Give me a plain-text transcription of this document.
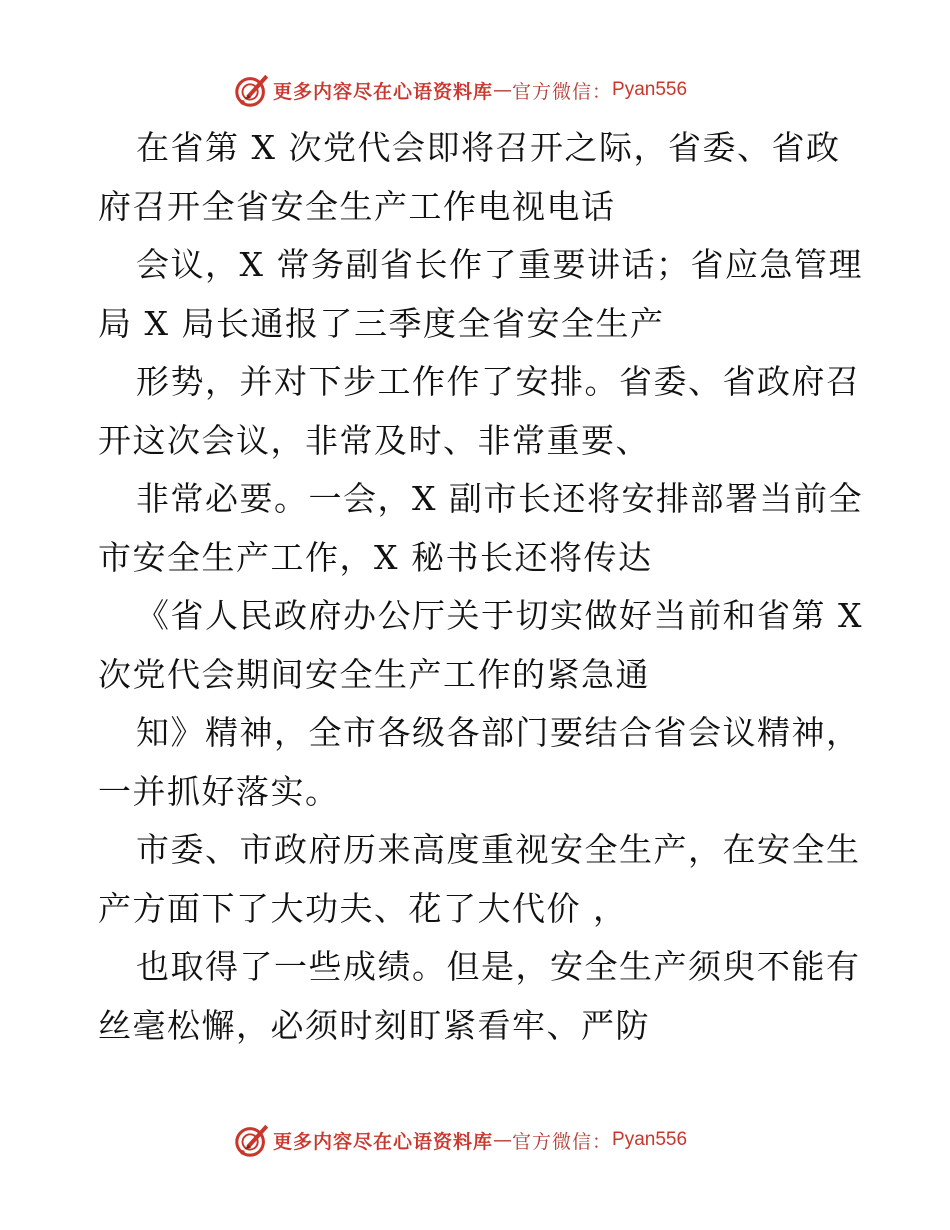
更多内容尽在心语资料库 — 官方微信： Pyan556
在省第 X 次党代会即将召开之际，省委、省政
府召开全省安全生产工作电视电话
会议，X 常务副省长作了重要讲话；省应急管理
局 X 局长通报了三季度全省安全生产
形势，并对下步工作作了安排。省委、省政府召
开这次会议，非常及时、非常重要、
非常必要。一会，X 副市长还将安排部署当前全
市安全生产工作，X 秘书长还将传达
《省人民政府办公厅关于切实做好当前和省第 X
次党代会期间安全生产工作的紧急通
知》精神，全市各级各部门要结合省会议精神，
一并抓好落实。
市委、市政府历来高度重视安全生产，在安全生
产方面下了大功夫、花了大代价 ，
也取得了一些成绩。但是，安全生产须臾不能有
丝毫松懈，必须时刻盯紧看牢、严防
更多内容尽在心语资料库 — 官方微信： Pyan556
